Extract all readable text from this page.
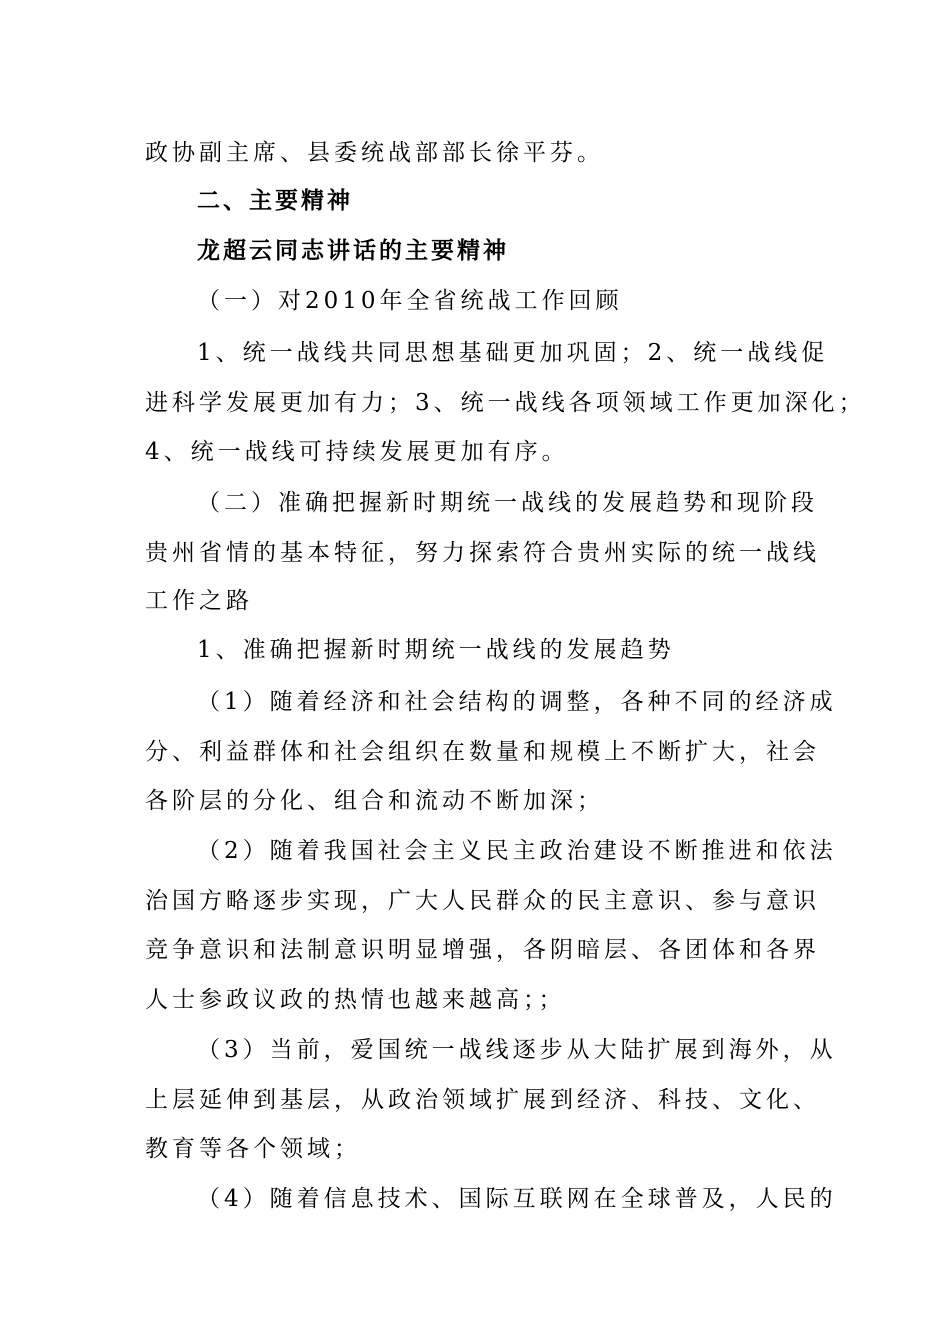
政协副主席、县委统战部部长徐平芬。
二、主要精神
龙超云同志讲话的主要精神
（一）对2010年全省统战工作回顾
1、统一战线共同思想基础更加巩固；2、统一战线促
进科学发展更加有力；3、统一战线各项领域工作更加深化；
4、统一战线可持续发展更加有序。
（二）准确把握新时期统一战线的发展趋势和现阶段
贵州省情的基本特征，努力探索符合贵州实际的统一战线
工作之路
1、准确把握新时期统一战线的发展趋势
（1）随着经济和社会结构的调整，各种不同的经济成
分、利益群体和社会组织在数量和规模上不断扩大，社会
各阶层的分化、组合和流动不断加深；
（2）随着我国社会主义民主政治建设不断推进和依法
治国方略逐步实现，广大人民群众的民主意识、参与意识
竞争意识和法制意识明显增强，各阴暗层、各团体和各界
人士参政议政的热情也越来越高；；
（3）当前，爱国统一战线逐步从大陆扩展到海外，从
上层延伸到基层，从政治领域扩展到经济、科技、文化、
教育等各个领域；
（4）随着信息技术、国际互联网在全球普及，人民的
